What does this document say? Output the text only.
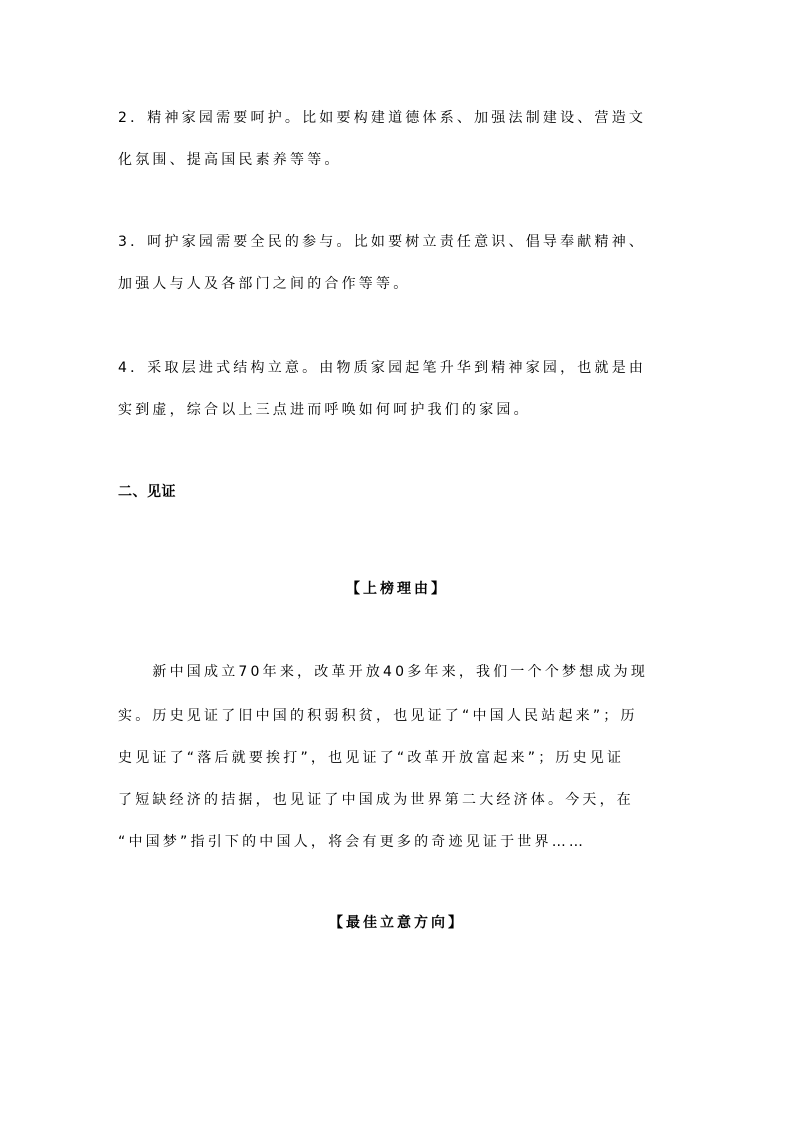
2．精神家园需要呵护。比如要构建道德体系、加强法制建设、营造文
化氛围、提高国民素养等等。
3．呵护家园需要全民的参与。比如要树立责任意识、倡导奉献精神、
加强人与人及各部门之间的合作等等。
4．采取层进式结构立意。由物质家园起笔升华到精神家园，也就是由
实到虚，综合以上三点进而呼唤如何呵护我们的家园。
二、见证
【上榜理由】
　　新中国成立70年来，改革开放40多年来，我们一个个梦想成为现
实。历史见证了旧中国的积弱积贫，也见证了“中国人民站起来”；历
史见证了“落后就要挨打”，也见证了“改革开放富起来”；历史见证
了短缺经济的拮据，也见证了中国成为世界第二大经济体。今天，在
“中国梦”指引下的中国人，将会有更多的奇迹见证于世界……
【最佳立意方向】
